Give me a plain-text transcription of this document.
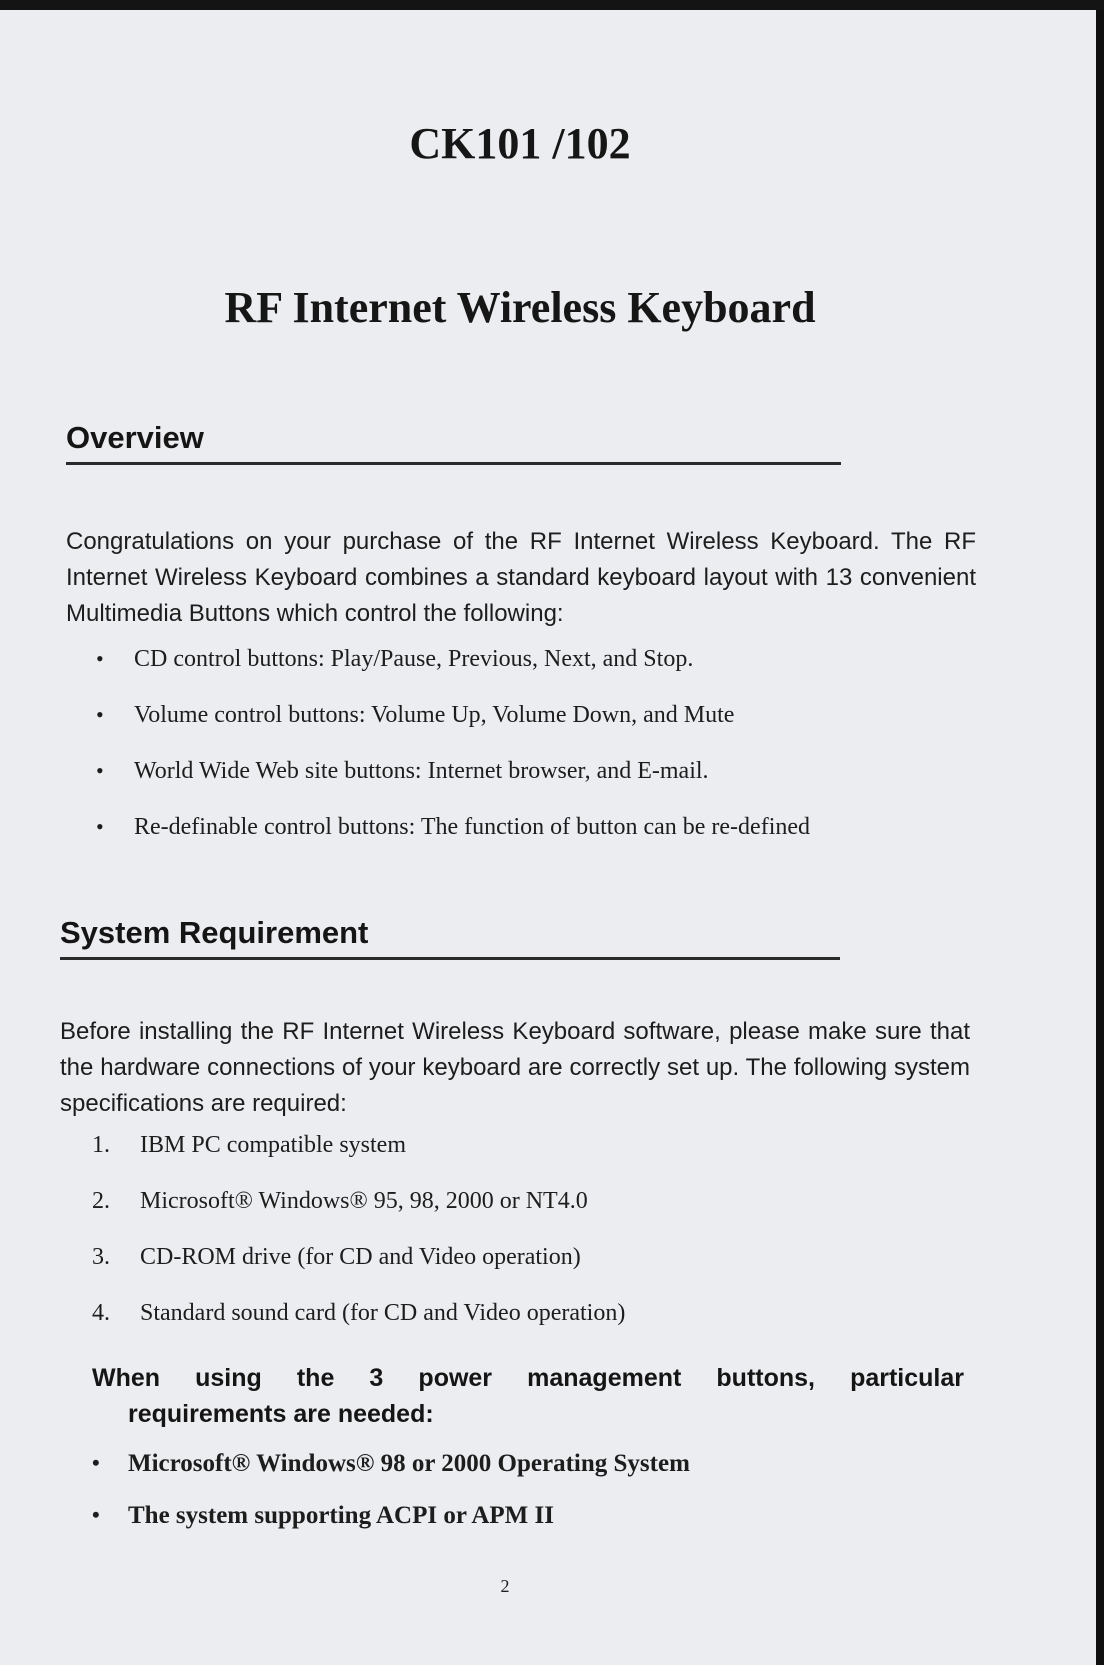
CK101 /102
RF Internet Wireless Keyboard
Overview

Congratulations on your purchase of the RF Internet Wireless Keyboard. The RF Internet Wireless Keyboard combines a standard keyboard layout with 13 convenient Multimedia Buttons which control the following:

• CD control buttons: Play/Pause, Previous, Next, and Stop.
• Volume control buttons: Volume Up, Volume Down, and Mute
• World Wide Web site buttons: Internet browser, and E-mail.
• Re-definable control buttons: The function of button can be re-defined
System Requirement

Before installing the RF Internet Wireless Keyboard software, please make sure that the hardware connections of your keyboard are correctly set up. The following system specifications are required:

1. IBM PC compatible system
2. Microsoft® Windows® 95, 98, 2000 or NT4.0
3. CD-ROM drive (for CD and Video operation)
4. Standard sound card (for CD and Video operation)

When using the 3 power management buttons, particular
requirements are needed:

• Microsoft® Windows® 98 or 2000 Operating System
• The system supporting ACPI or APM II

2
